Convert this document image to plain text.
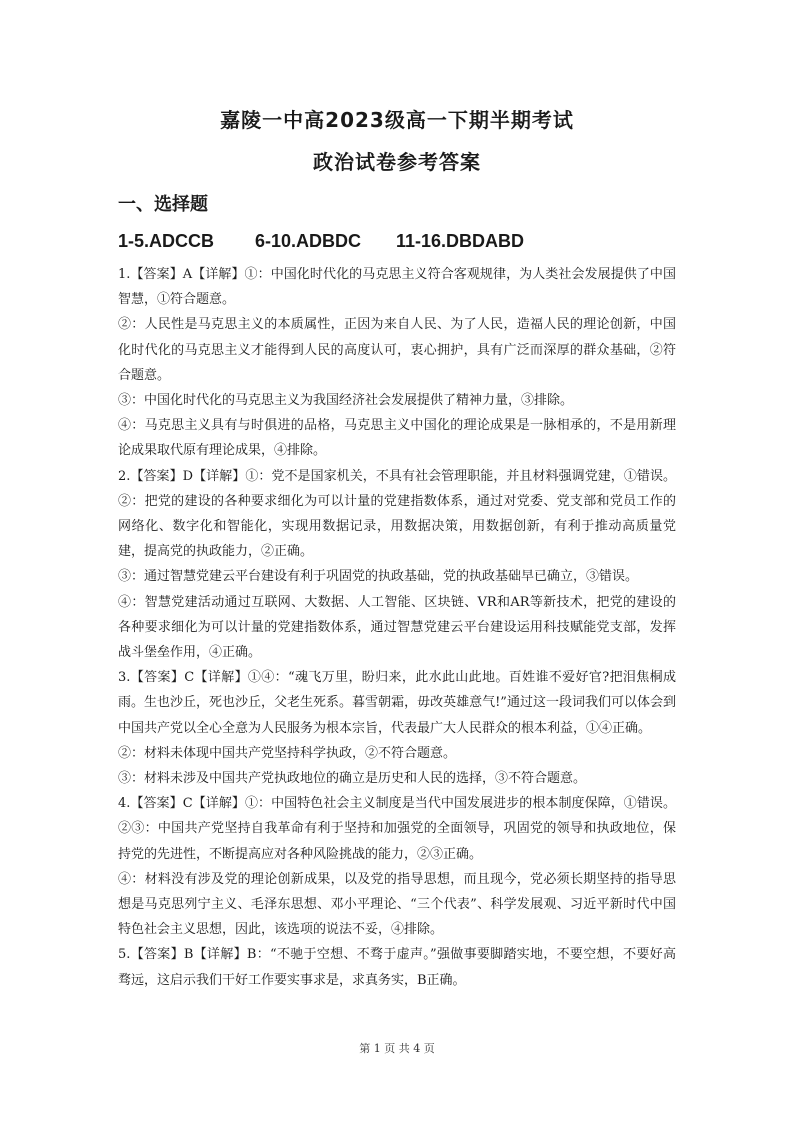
嘉陵一中高2023级高一下期半期考试
政治试卷参考答案
一、选择题
1-5.ADCCB 6-10.ADBDC 11-16.DBDABD

1.【答案】A【详解】①：中国化时代化的马克思主义符合客观规律，为人类社会发展提供了中国智慧，①符合题意。

②：人民性是马克思主义的本质属性，正因为来自人民、为了人民，造福人民的理论创新，中国化时代化的马克思主义才能得到人民的高度认可，衷心拥护，具有广泛而深厚的群众基础，②符合题意。

③：中国化时代化的马克思主义为我国经济社会发展提供了精神力量，③排除。

④：马克思主义具有与时俱进的品格，马克思主义中国化的理论成果是一脉相承的，不是用新理论成果取代原有理论成果，④排除。

2.【答案】D【详解】①：党不是国家机关，不具有社会管理职能，并且材料强调党建，①错误。②：把党的建设的各种要求细化为可以计量的党建指数体系，通过对党委、党支部和党员工作的网络化、数字化和智能化，实现用数据记录，用数据决策，用数据创新，有利于推动高质量党建，提高党的执政能力，②正确。

③：通过智慧党建云平台建设有利于巩固党的执政基础，党的执政基础早已确立，③错误。

④：智慧党建活动通过互联网、大数据、人工智能、区块链、VR和AR等新技术，把党的建设的各种要求细化为可以计量的党建指数体系，通过智慧党建云平台建设运用科技赋能党支部，发挥战斗堡垒作用，④正确。

3.【答案】C【详解】①④：“魂飞万里，盼归来，此水此山此地。百姓谁不爱好官?把泪焦桐成雨。生也沙丘，死也沙丘，父老生死系。暮雪朝霜，毋改英雄意气!”通过这一段词我们可以体会到中国共产党以全心全意为人民服务为根本宗旨，代表最广大人民群众的根本利益，①④正确。

②：材料未体现中国共产党坚持科学执政，②不符合题意。

③：材料未涉及中国共产党执政地位的确立是历史和人民的选择，③不符合题意。

4.【答案】C【详解】①：中国特色社会主义制度是当代中国发展进步的根本制度保障，①错误。②③：中国共产党坚持自我革命有利于坚持和加强党的全面领导，巩固党的领导和执政地位，保持党的先进性，不断提高应对各种风险挑战的能力，②③正确。

④：材料没有涉及党的理论创新成果，以及党的指导思想，而且现今，党必须长期坚持的指导思想是马克思列宁主义、毛泽东思想、邓小平理论、“三个代表”、科学发展观、习近平新时代中国特色社会主义思想，因此，该选项的说法不妥，④排除。

5.【答案】B【详解】B：“不驰于空想、不骛于虚声。”强做事要脚踏实地，不要空想，不要好高骛远，这启示我们干好工作要实事求是，求真务实，B正确。

第 1 页 共 4 页
